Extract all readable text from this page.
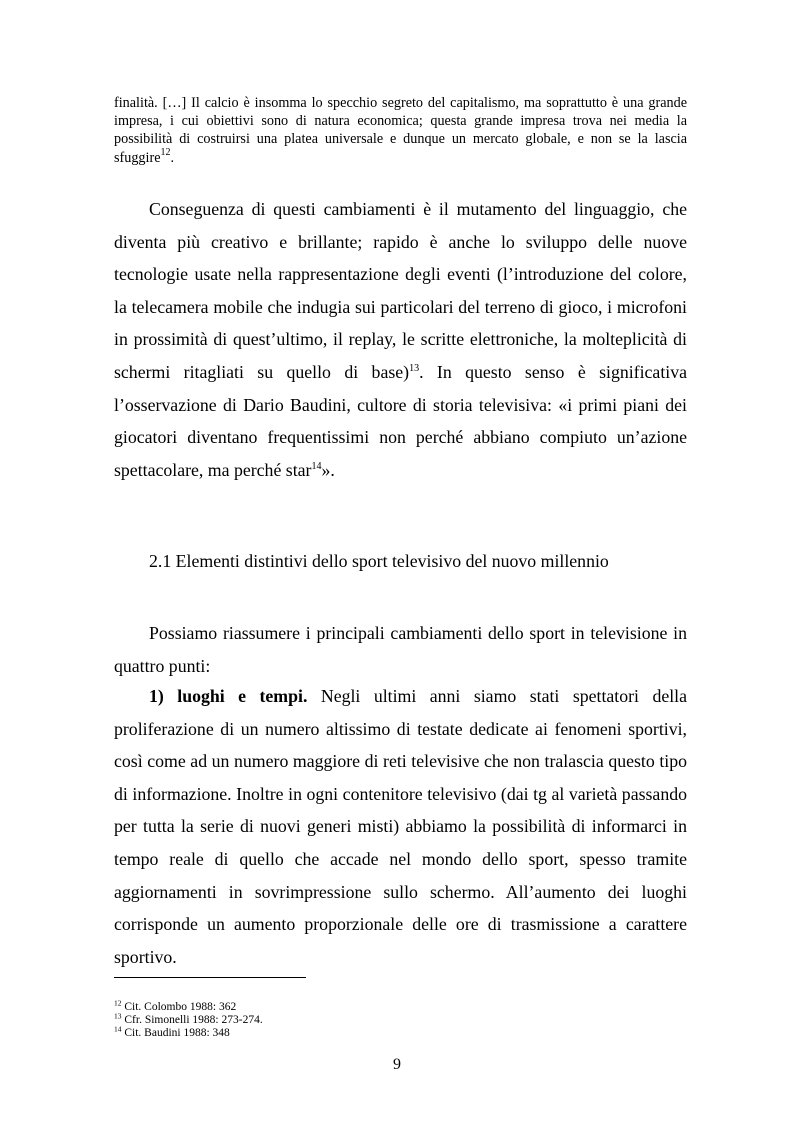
finalità. […] Il calcio è insomma lo specchio segreto del capitalismo, ma soprattutto è una grande impresa, i cui obiettivi sono di natura economica; questa grande impresa trova nei media la possibilità di costruirsi una platea universale e dunque un mercato globale, e non se la lascia sfuggire$^{12}$.

Conseguenza di questi cambiamenti è il mutamento del linguaggio, che diventa più creativo e brillante; rapido è anche lo sviluppo delle nuove tecnologie usate nella rappresentazione degli eventi (l’introduzione del colore, la telecamera mobile che indugia sui particolari del terreno di gioco, i microfoni in prossimità di quest’ultimo, il replay, le scritte elettroniche, la molteplicità di schermi ritagliati su quello di base)$^{13}$. In questo senso è significativa l’osservazione di Dario Baudini, cultore di storia televisiva: «i primi piani dei giocatori diventano frequentissimi non perché abbiano compiuto un’azione spettacolare, ma perché star$^{14}$».

2.1 Elementi distintivi dello sport televisivo del nuovo millennio

Possiamo riassumere i principali cambiamenti dello sport in televisione in quattro punti:

1) luoghi e tempi. Negli ultimi anni siamo stati spettatori della proliferazione di un numero altissimo di testate dedicate ai fenomeni sportivi, così come ad un numero maggiore di reti televisive che non tralascia questo tipo di informazione. Inoltre in ogni contenitore televisivo (dai tg al varietà passando per tutta la serie di nuovi generi misti) abbiamo la possibilità di informarci in tempo reale di quello che accade nel mondo dello sport, spesso tramite aggiornamenti in sovrimpressione sullo schermo. All’aumento dei luoghi corrisponde un aumento proporzionale delle ore di trasmissione a carattere sportivo.

$^{12}$ Cit. Colombo 1988: 362
$^{13}$ Cfr. Simonelli 1988: 273-274.
$^{14}$ Cit. Baudini 1988: 348
9
